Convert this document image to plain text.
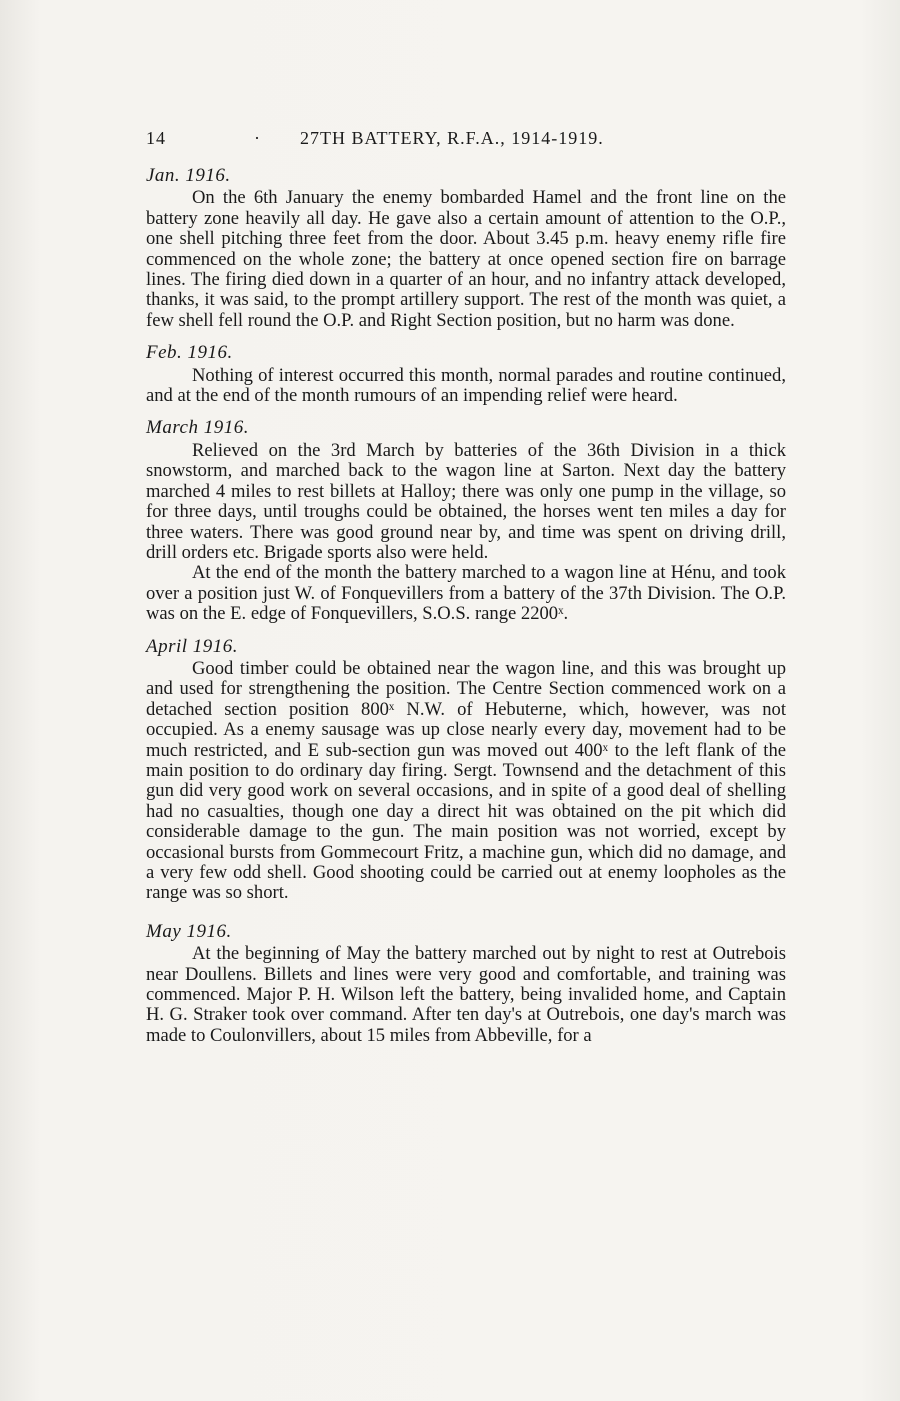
14	· 27TH BATTERY, R.F.A., 1914-1919.
Jan. 1916.

On the 6th January the enemy bombarded Hamel and the front line on the battery zone heavily all day. He gave also a certain amount of attention to the O.P., one shell pitching three feet from the door. About 3.45 p.m. heavy enemy rifle fire commenced on the whole zone; the battery at once opened section fire on barrage lines. The firing died down in a quarter of an hour, and no infantry attack developed, thanks, it was said, to the prompt artillery support. The rest of the month was quiet, a few shell fell round the O.P. and Right Section position, but no harm was done.

Feb. 1916.

Nothing of interest occurred this month, normal parades and routine continued, and at the end of the month rumours of an impending relief were heard.

March 1916.

Relieved on the 3rd March by batteries of the 36th Division in a thick snowstorm, and marched back to the wagon line at Sarton. Next day the battery marched 4 miles to rest billets at Halloy; there was only one pump in the village, so for three days, until troughs could be obtained, the horses went ten miles a day for three waters. There was good ground near by, and time was spent on driving drill, drill orders etc. Brigade sports also were held.

At the end of the month the battery marched to a wagon line at Hénu, and took over a position just W. of Fonquevillers from a battery of the 37th Division. The O.P. was on the E. edge of Fonquevillers, S.O.S. range 2200ˣ.

April 1916.

Good timber could be obtained near the wagon line, and this was brought up and used for strengthening the position. The Centre Section commenced work on a detached section position 800ˣ N.W. of Hebuterne, which, however, was not occupied. As a enemy sausage was up close nearly every day, movement had to be much restricted, and E sub-section gun was moved out 400ˣ to the left flank of the main position to do ordinary day firing. Sergt. Townsend and the detachment of this gun did very good work on several occasions, and in spite of a good deal of shelling had no casualties, though one day a direct hit was obtained on the pit which did considerable damage to the gun. The main position was not worried, except by occasional bursts from Gommecourt Fritz, a machine gun, which did no damage, and a very few odd shell. Good shooting could be carried out at enemy loopholes as the range was so short.

May 1916.

At the beginning of May the battery marched out by night to rest at Outrebois near Doullens. Billets and lines were very good and comfortable, and training was commenced. Major P. H. Wilson left the battery, being invalided home, and Captain H. G. Straker took over command. After ten day's at Outrebois, one day's march was made to Coulonvillers, about 15 miles from Abbeville, for a
